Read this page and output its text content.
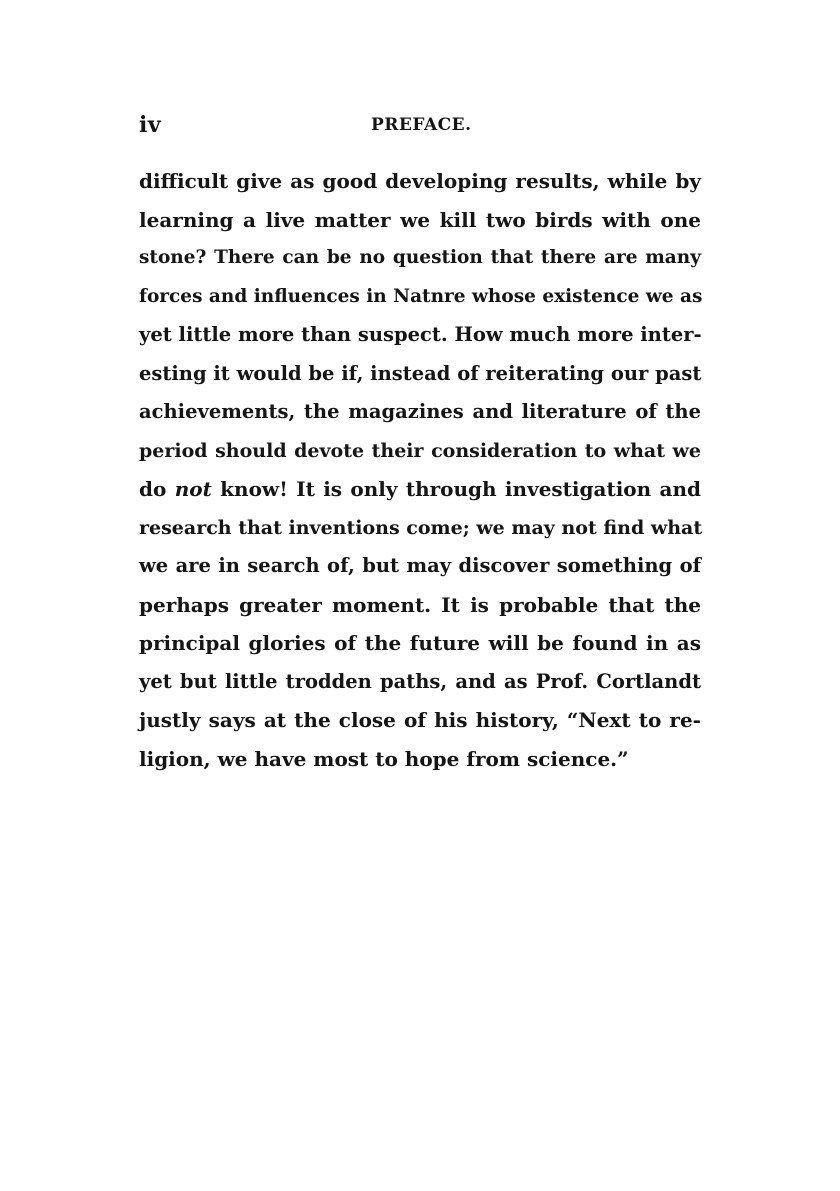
iv	PREFACE.
difficult give as good developing results, while by
learning a live matter we kill two birds with one
stone? There can be no question that there are many
forces and influences in Natnre whose existence we as
yet little more than suspect. How much more inter-
esting it would be if, instead of reiterating our past
achievements, the magazines and literature of the
period should devote their consideration to what we
do not know! It is only through investigation and
research that inventions come; we may not find what
we are in search of, but may discover something of
perhaps greater moment. It is probable that the
principal glories of the future will be found in as
yet but little trodden paths, and as Prof. Cortlandt
justly says at the close of his history, “Next to re-
ligion, we have most to hope from science.”
